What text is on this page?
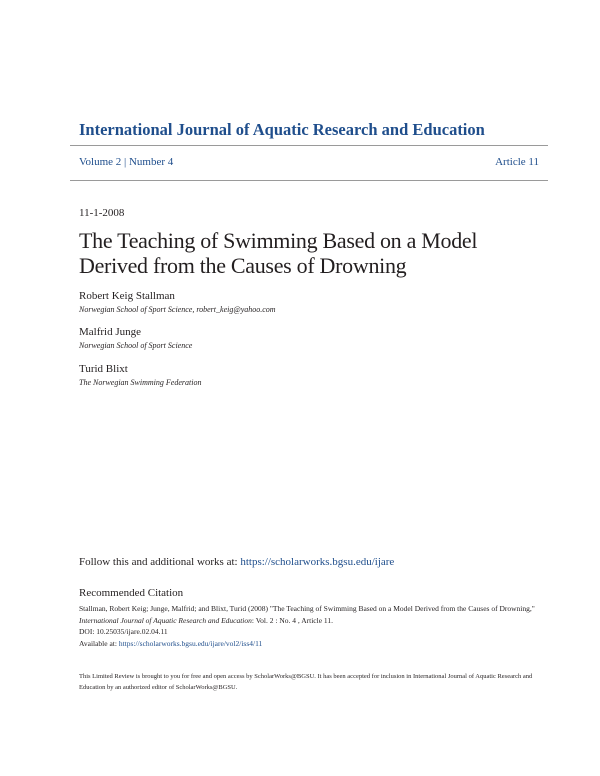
International Journal of Aquatic Research and Education
Volume 2 | Number 4	Article 11
11-1-2008
The Teaching of Swimming Based on a Model
Derived from the Causes of Drowning
Robert Keig Stallman
Norwegian School of Sport Science, robert_keig@yahoo.com
Malfrid Junge
Norwegian School of Sport Science
Turid Blixt
The Norwegian Swimming Federation
Follow this and additional works at: https://scholarworks.bgsu.edu/ijare
Recommended Citation
Stallman, Robert Keig; Junge, Malfrid; and Blixt, Turid (2008) "The Teaching of Swimming Based on a Model Derived from the Causes of Drowning," International Journal of Aquatic Research and Education: Vol. 2 : No. 4 , Article 11.
DOI: 10.25035/ijare.02.04.11
Available at: https://scholarworks.bgsu.edu/ijare/vol2/iss4/11
This Limited Review is brought to you for free and open access by ScholarWorks@BGSU. It has been accepted for inclusion in International Journal of Aquatic Research and Education by an authorized editor of ScholarWorks@BGSU.
